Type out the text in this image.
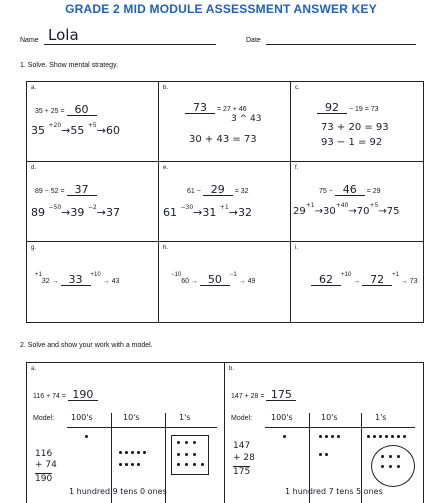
GRADE 2 MID MODULE ASSESSMENT ANSWER KEY
Name Lola	Date
1. Solve. Show mental strategy.
a.
35 + 25 = 60
35 $^{+20}$→55 $^{+5}$→60
b.
73 = 27 + 46
3 ^ 43
30 + 43 = 73
c.
92 − 19 = 73
73 + 20 = 93
93 − 1 = 92
d.
89 − 52 = 37
89 $^{-50}$→39 $^{-2}$→37
e.
61 − 29 = 32
61 $^{-30}$→31 $^{+1}$→32
f.
75 − 46 = 29
$29^{+1}\to 30^{+40}\to 70^{+5}\to 75$
g.
+132 → 33 +10 → 43
h.
−1060 → 50 −1 → 49
i.
62 +10 → 72 +1 → 73
2. Solve and show your work with a model.
a.
116 + 74 = 190
Model: 100's	10's	1's
116
+ 74
190
1 hundred 9 tens 0 ones
b.
147 + 28 = 175
Model: 100's	10's	1's
147
+ 28
175
1 hundred 7 tens 5 ones
